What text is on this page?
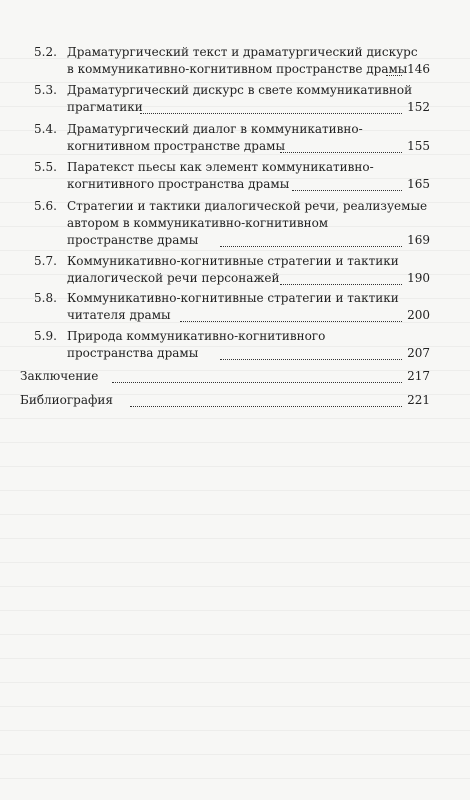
5.2. Драматургический текст и драматургический дискурс
в коммуникативно-когнитивном пространстве драмы 146
5.3. Драматургический дискурс в свете коммуникативной
прагматики	152
5.4. Драматургический диалог в коммуникативно-
когнитивном пространстве драмы	155
5.5. Паратекст пьесы как элемент коммуникативно-
когнитивного пространства драмы	165
5.6. Стратегии и тактики диалогической речи, реализуемые
автором в коммуникативно-когнитивном
пространстве драмы	169
5.7. Коммуникативно-когнитивные стратегии и тактики
диалогической речи персонажей	190
5.8. Коммуникативно-когнитивные стратегии и тактики
читателя драмы	200
5.9. Природа коммуникативно-когнитивного
пространства драмы	207
Заключение	217
Библиография	221
